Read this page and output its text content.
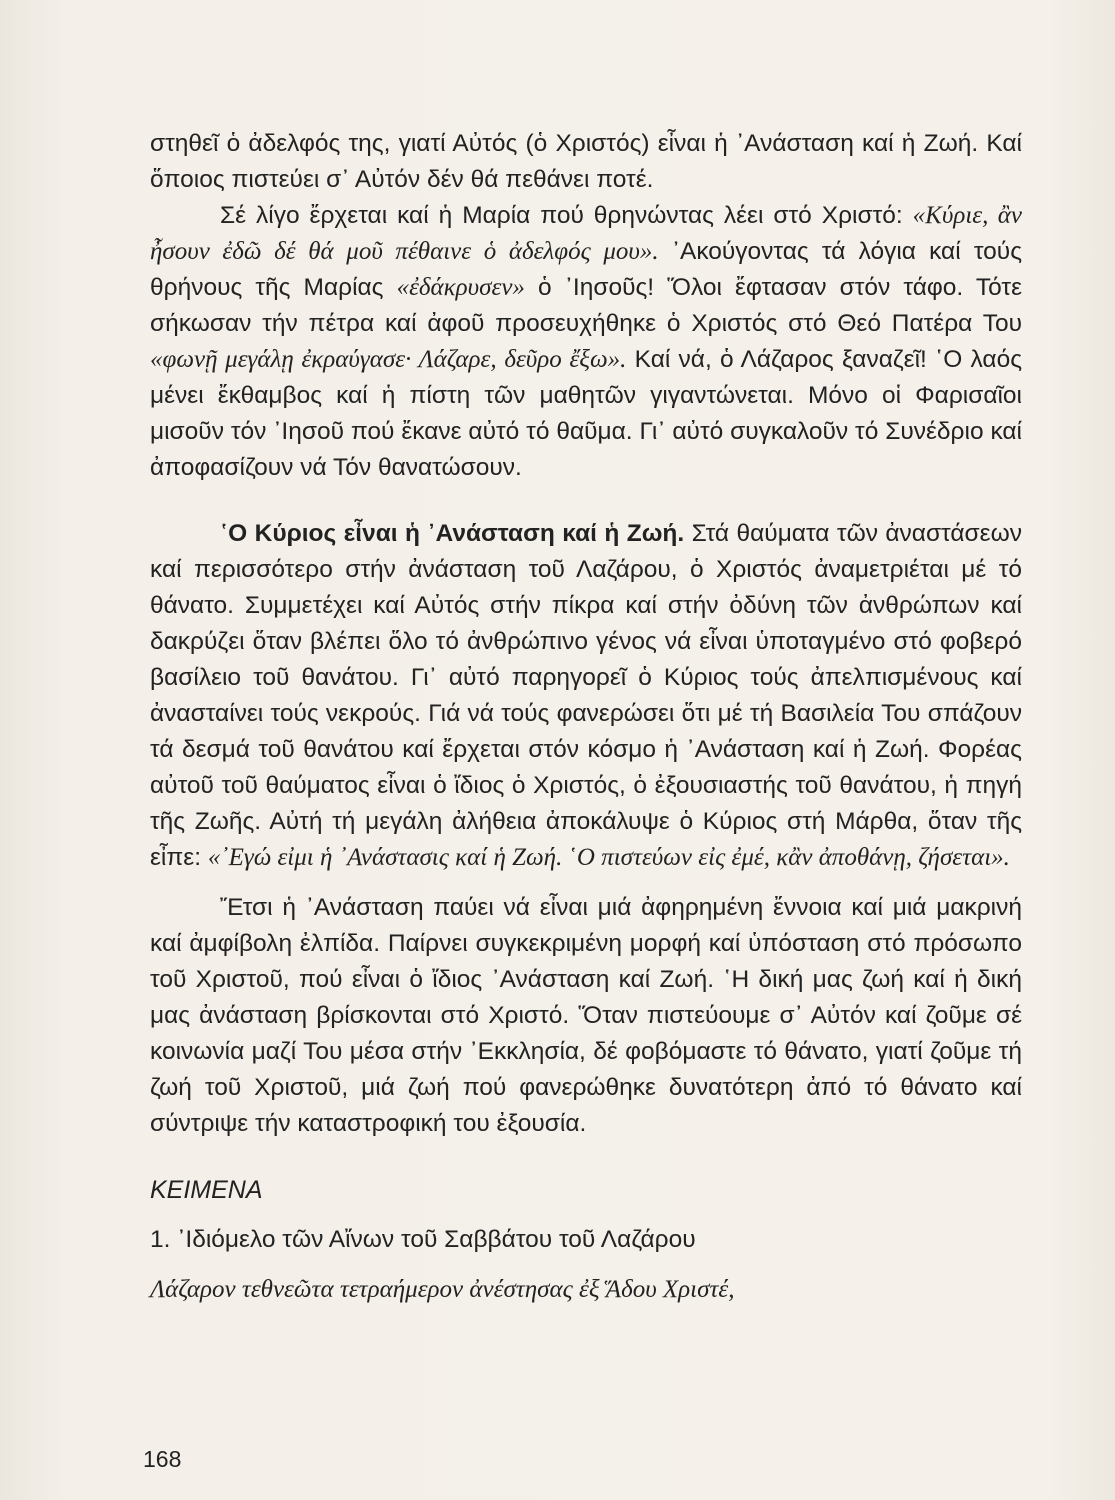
στηθεῖ ὁ ἀδελφός της, γιατί Αὐτός (ὁ Χριστός) εἶναι ἡ ᾿Ανάσταση καί ἡ Ζωή. Καί ὅποιος πιστεύει σ᾿ Αὐτόν δέν θά πεθάνει ποτέ.

Σέ λίγο ἔρχεται καί ἡ Μαρία πού θρηνώντας λέει στό Χριστό: «Κύριε, ἂν ἦσουν ἐδῶ δέ θά μοῦ πέθαινε ὁ ἀδελφός μου». ᾿Ακούγοντας τά λόγια καί τούς θρήνους τῆς Μαρίας «ἐδάκρυσεν» ὁ ᾿Ιησοῦς! Ὅλοι ἔφτασαν στόν τάφο. Τότε σήκωσαν τήν πέτρα καί ἀφοῦ προσευχήθηκε ὁ Χριστός στό Θεό Πατέρα Του «φωνῇ μεγάλῃ ἐκραύγασε· Λάζαρε, δεῦρο ἔξω». Καί νά, ὁ Λάζαρος ξαναζεῖ! ῾Ο λαός μένει ἔκθαμβος καί ἡ πίστη τῶν μαθητῶν γιγαντώνεται. Μόνο οἱ Φαρισαῖοι μισοῦν τόν ᾿Ιησοῦ πού ἔκανε αὐτό τό θαῦμα. Γι᾿ αὐτό συγκαλοῦν τό Συνέδριο καί ἀποφασίζουν νά Τόν θανατώσουν.

῾Ο Κύριος εἶναι ἡ ᾿Ανάσταση καί ἡ Ζωή. Στά θαύματα τῶν ἀναστάσεων καί περισσότερο στήν ἀνάσταση τοῦ Λαζάρου, ὁ Χριστός ἀναμετριέται μέ τό θάνατο. Συμμετέχει καί Αὐτός στήν πίκρα καί στήν ὀδύνη τῶν ἀνθρώπων καί δακρύζει ὅταν βλέπει ὅλο τό ἀνθρώπινο γένος νά εἶναι ὑποταγμένο στό φοβερό βασίλειο τοῦ θανάτου. Γι᾿ αὐτό παρηγορεῖ ὁ Κύριος τούς ἀπελπισμένους καί ἀνασταίνει τούς νεκρούς. Γιά νά τούς φανερώσει ὅτι μέ τή Βασιλεία Του σπάζουν τά δεσμά τοῦ θανάτου καί ἔρχεται στόν κόσμο ἡ ᾿Ανάσταση καί ἡ Ζωή. Φορέας αὐτοῦ τοῦ θαύματος εἶναι ὁ ἴδιος ὁ Χριστός, ὁ ἐξουσιαστής τοῦ θανάτου, ἡ πηγή τῆς Ζωῆς. Αὐτή τή μεγάλη ἀλήθεια ἀποκάλυψε ὁ Κύριος στή Μάρθα, ὅταν τῆς εἶπε: «᾿Εγώ εἰμι ἡ ᾿Ανάστασις καί ἡ Ζωή. ῾Ο πιστεύων εἰς ἐμέ, κἂν ἀποθάνῃ, ζήσεται».

Ἔτσι ἡ ᾿Ανάσταση παύει νά εἶναι μιά ἀφηρημένη ἔννοια καί μιά μακρινή καί ἀμφίβολη ἐλπίδα. Παίρνει συγκεκριμένη μορφή καί ὑπόσταση στό πρόσωπο τοῦ Χριστοῦ, πού εἶναι ὁ ἴδιος ᾿Ανάσταση καί Ζωή. ῾Η δική μας ζωή καί ἡ δική μας ἀνάσταση βρίσκονται στό Χριστό. Ὅταν πιστεύουμε σ᾿ Αὐτόν καί ζοῦμε σέ κοινωνία μαζί Του μέσα στήν ᾿Εκκλησία, δέ φοβόμαστε τό θάνατο, γιατί ζοῦμε τή ζωή τοῦ Χριστοῦ, μιά ζωή πού φανερώθηκε δυνατότερη ἀπό τό θάνατο καί σύντριψε τήν καταστροφική του ἐξουσία.

ΚΕΙΜΕΝΑ

1. ᾿Ιδιόμελο τῶν Αἴνων τοῦ Σαββάτου τοῦ Λαζάρου

Λάζαρον τεθνεῶτα τετραήμερον ἀνέστησας ἐξ Ἅδου Χριστέ,

168
